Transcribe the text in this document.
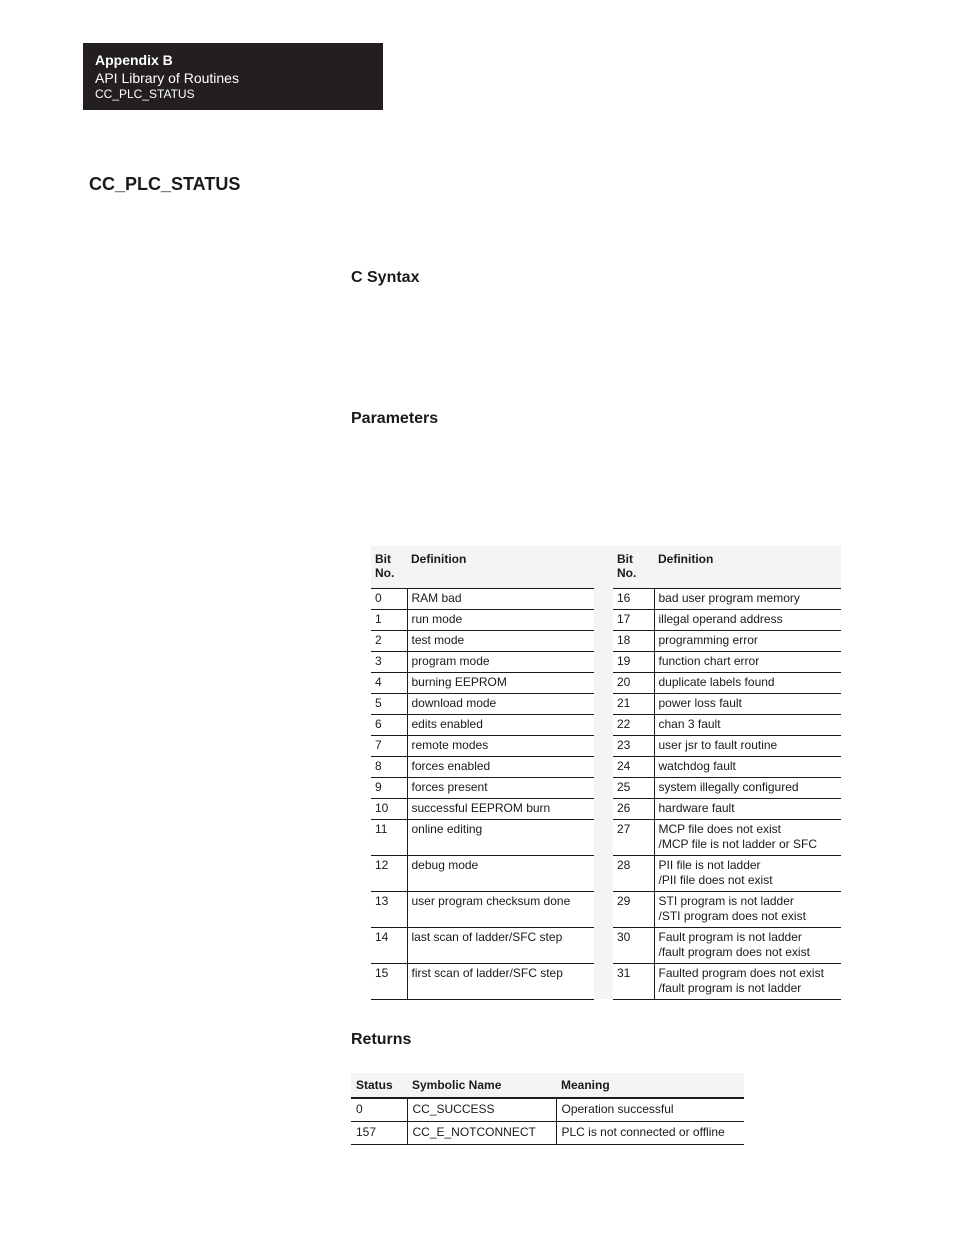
Appendix B
API Library of Routines
CC_PLC_STATUS
CC_PLC_STATUS
C Syntax
Parameters
Returns
Bit
No.	Definition
0	RAM bad
1	run mode
2	test mode
3	program mode
4	burning EEPROM
5	download mode
6	edits enabled
7	remote modes
8	forces enabled
9	forces present
10	successful EEPROM burn
11	online editing
12	debug mode
13	user program checksum done
14	last scan of ladder/SFC step
15	first scan of ladder/SFC step
Bit
No.	Definition
16	bad user program memory
17	illegal operand address
18	programming error
19	function chart error
20	duplicate labels found
21	power loss fault
22	chan 3 fault
23	user jsr to fault routine
24	watchdog fault
25	system illegally configured
26	hardware fault
27	MCP file does not exist
/MCP file is not ladder or SFC
28	PII file is not ladder
/PII file does not exist
29	STI program is not ladder
/STI program does not exist
30	Fault program is not ladder
/fault program does not exist
31	Faulted program does not exist
/fault program is not ladder
Status	Symbolic Name	Meaning
0	CC_SUCCESS	Operation successful
157	CC_E_NOTCONNECT	PLC is not connected or offline
